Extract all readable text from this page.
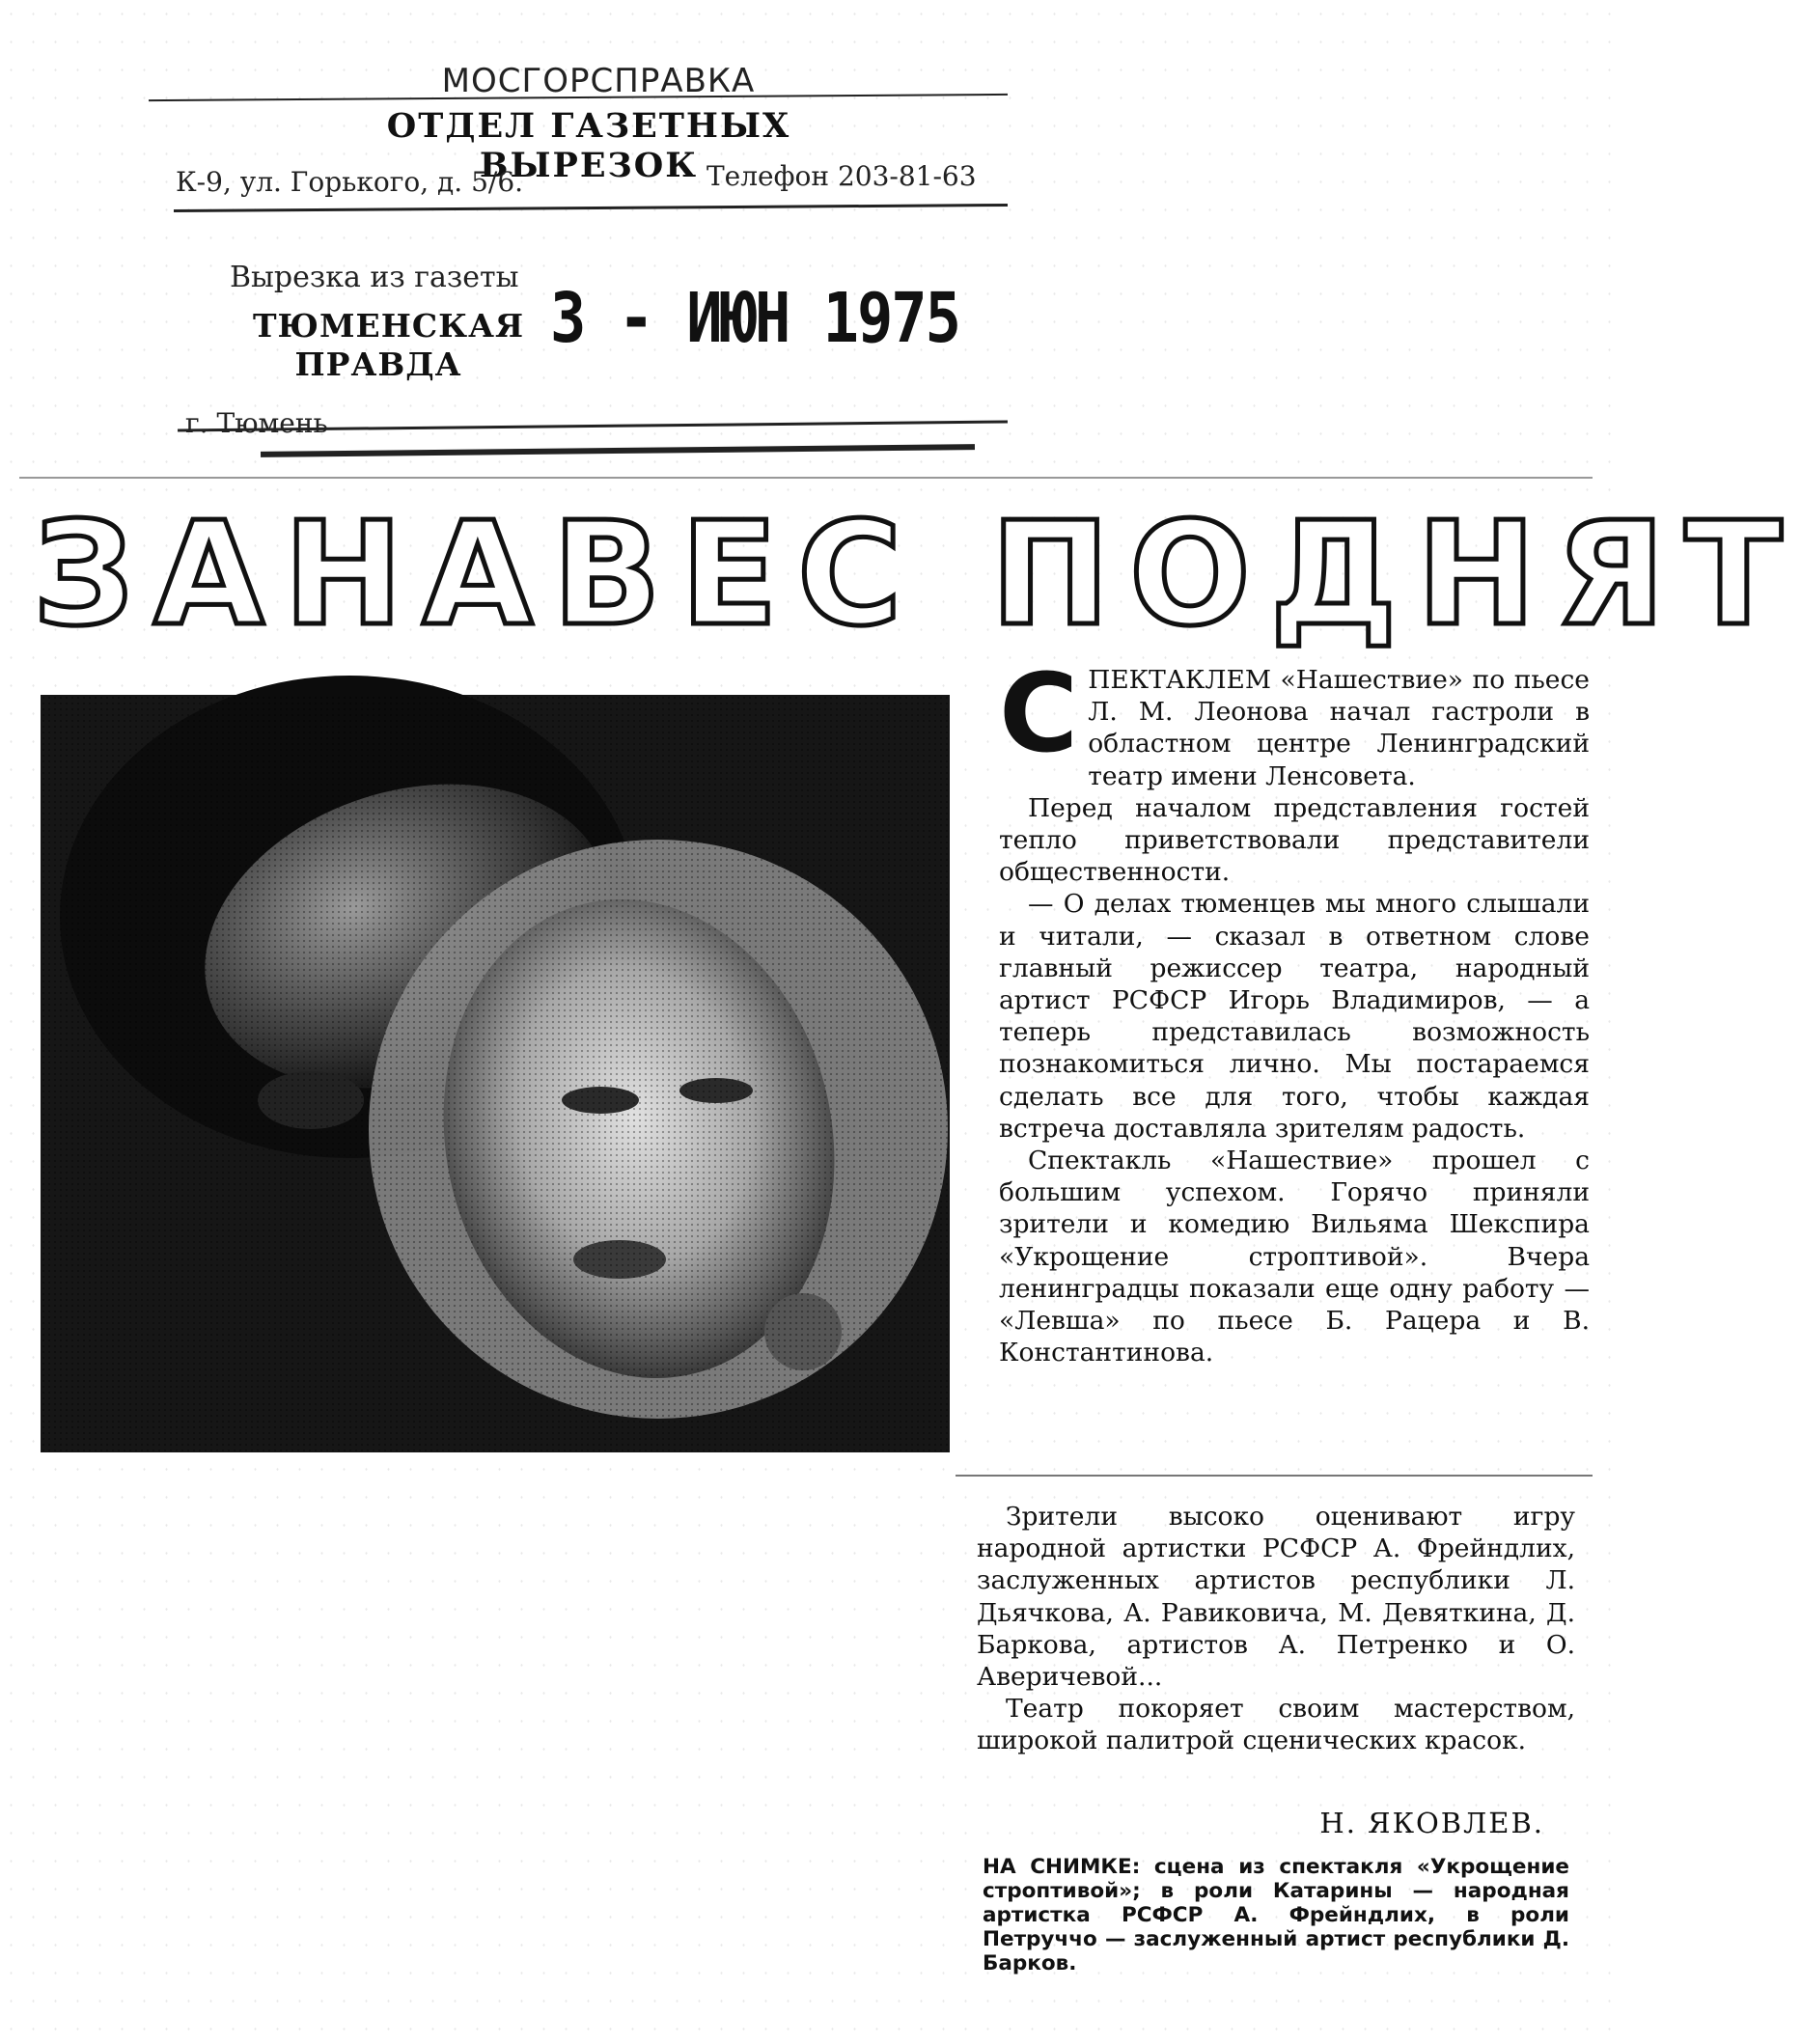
МОСГОРСПРАВКА
ОТДЕЛ ГАЗЕТНЫХ ВЫРЕЗОК
К-9, ул. Горького, д. 5/6.	Телефон 203-81-63
Вырезка из газеты
ТЮМЕНСКАЯ ПРАВДА
3 - ИЮН 1975
г. Тюмень
ЗАНАВЕС ПОДНЯТ

СПЕКТАКЛЕМ «Нашествие» по пьесе Л. М. Леонова начал гастроли в областном центре Ленинградский театр имени Ленсовета.

Перед началом представления гостей тепло приветствовали представители общественности.

— О делах тюменцев мы много слышали и читали, — сказал в ответном слове главный режиссер театра, народный артист РСФСР Игорь Владимиров, — а теперь представилась возможность познакомиться лично. Мы постараемся сделать все для того, чтобы каждая встреча доставляла зрителям радость.

Спектакль «Нашествие» прошел с большим успехом. Горячо приняли зрители и комедию Вильяма Шекспира «Укрощение строптивой». Вчера ленинградцы показали еще одну работу — «Левша» по пьесе Б. Рацера и В. Константинова.

Зрители высоко оценивают игру народной артистки РСФСР А. Фрейндлих, заслуженных артистов республики Л. Дьячкова, А. Равиковича, М. Девяткина, Д. Баркова, артистов А. Петренко и О. Аверичевой...

Театр покоряет своим мастерством, широкой палитрой сценических красок.

Н. ЯКОВЛЕВ.
НА СНИМКЕ: сцена из спектакля «Укрощение строптивой»; в роли Катарины — народная артистка РСФСР А. Фрейндлих, в роли Петруччо — заслуженный артист республики Д. Барков.
